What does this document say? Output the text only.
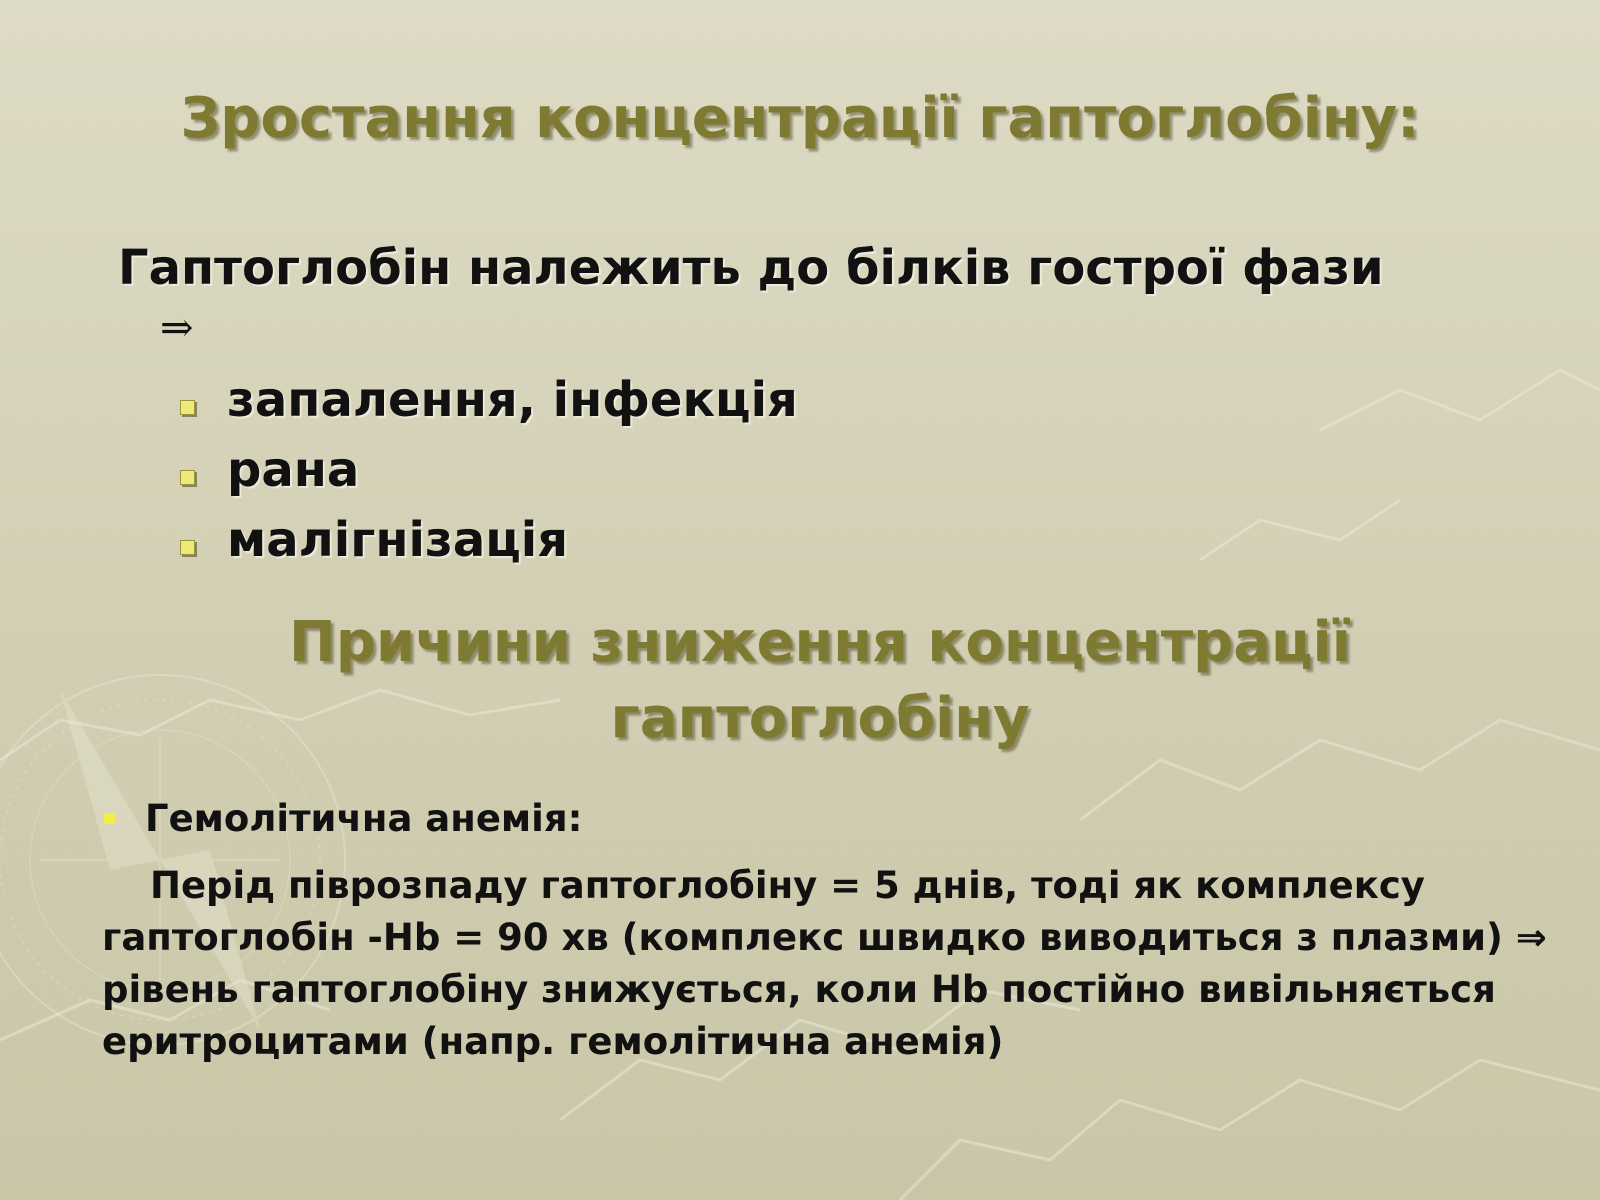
Зростання концентрації гаптоглобіну:

Гаптоглобін належить до білків гострої фази

⇒
запалення, інфекція
рана
малігнізація
Причини зниження концентрації
гаптоглобіну
Гемолітична анемія:

Перід піврозпаду гаптоглобіну = 5 днів, тоді як комплексу гаптоглобін -Hb = 90 хв (комплекс швидко виводиться з плазми) ⇒ рівень гаптоглобіну знижується, коли Hb постійно вивільняється еритроцитами (напр. гемолітична анемія)
